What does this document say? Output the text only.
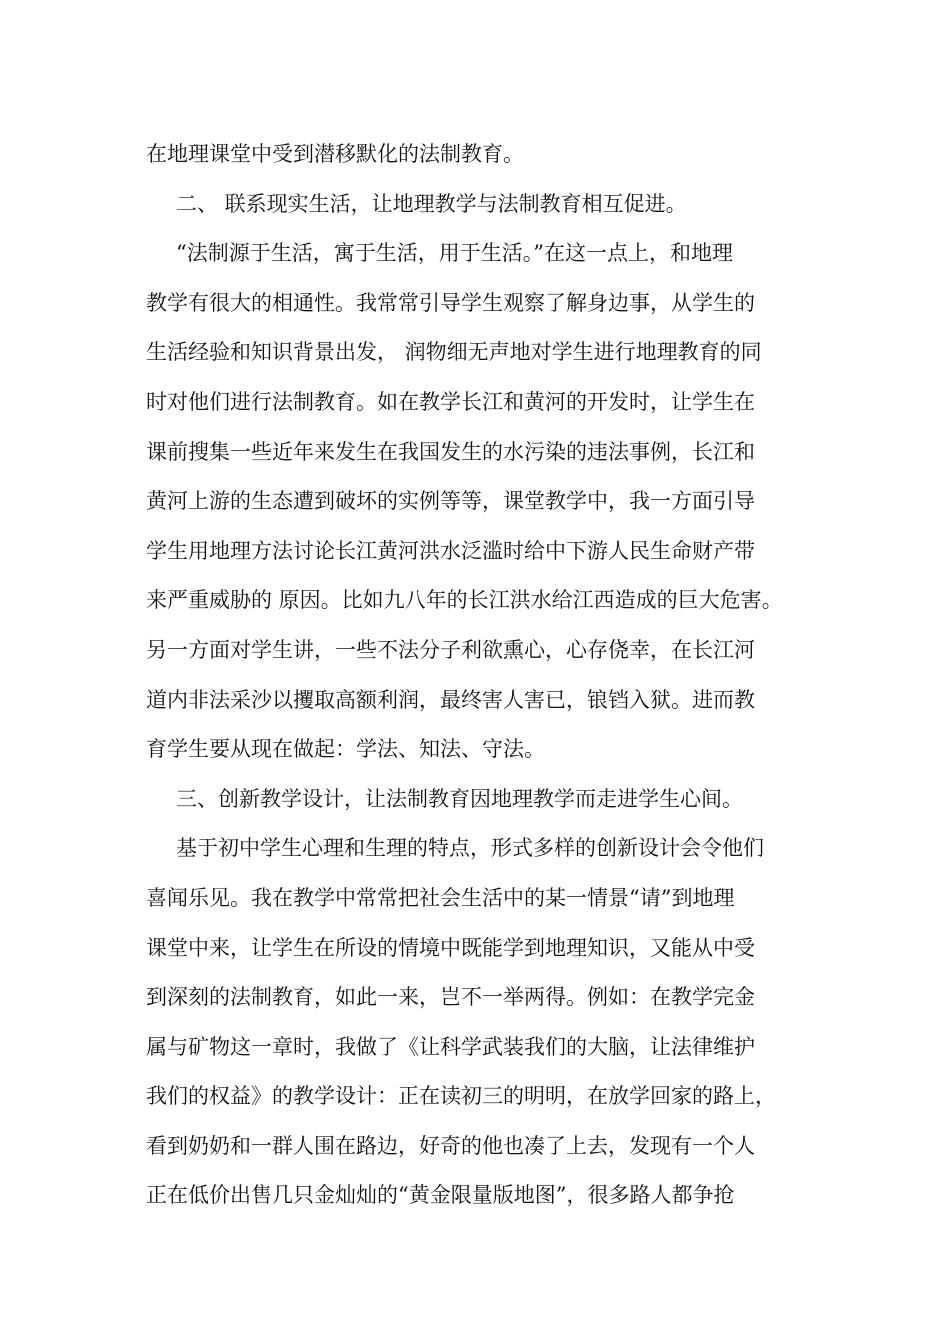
在地理课堂中受到潜移默化的法制教育。

二、 联系现实生活，让地理教学与法制教育相互促进。

“法制源于生活，寓于生活，用于生活。”在这一点上，和地理

教学有很大的相通性。我常常引导学生观察了解身边事，从学生的

生活经验和知识背景出发， 润物细无声地对学生进行地理教育的同

时对他们进行法制教育。如在教学长江和黄河的开发时，让学生在

课前搜集一些近年来发生在我国发生的水污染的违法事例，长江和

黄河上游的生态遭到破坏的实例等等，课堂教学中，我一方面引导

学生用地理方法讨论长江黄河洪水泛滥时给中下游人民生命财产带

来严重威胁的 原因。比如九八年的长江洪水给江西造成的巨大危害。

另一方面对学生讲，一些不法分子利欲熏心，心存侥幸，在长江河

道内非法采沙以攫取高额利润，最终害人害已，锒铛入狱。进而教

育学生要从现在做起：学法、知法、守法。

三、创新教学设计，让法制教育因地理教学而走进学生心间。

基于初中学生心理和生理的特点，形式多样的创新设计会令他们

喜闻乐见。我在教学中常常把社会生活中的某一情景“请”到地理

课堂中来，让学生在所设的情境中既能学到地理知识，又能从中受

到深刻的法制教育，如此一来，岂不一举两得。例如：在教学完金

属与矿物这一章时，我做了《让科学武装我们的大脑，让法律维护

我们的权益》的教学设计：正在读初三的明明，在放学回家的路上，

看到奶奶和一群人围在路边，好奇的他也凑了上去，发现有一个人

正在低价出售几只金灿灿的“黄金限量版地图”，很多路人都争抢
